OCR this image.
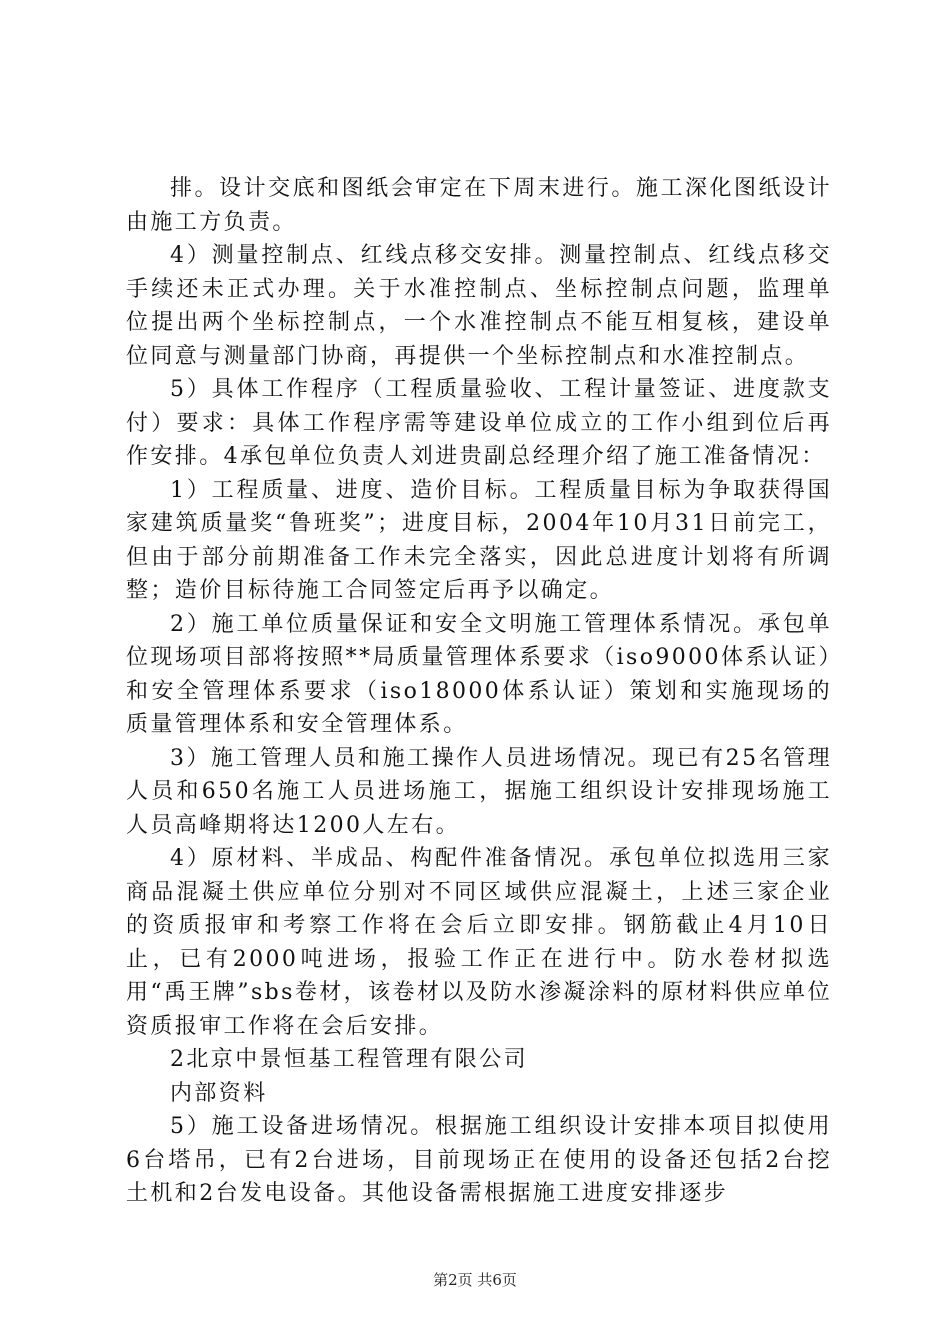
排。设计交底和图纸会审定在下周末进行。施工深化图纸设计由施工方负责。

4）测量控制点、红线点移交安排。测量控制点、红线点移交手续还未正式办理。关于水准控制点、坐标控制点问题，监理单位提出两个坐标控制点，一个水准控制点不能互相复核，建设单位同意与测量部门协商，再提供一个坐标控制点和水准控制点。

5）具体工作程序（工程质量验收、工程计量签证、进度款支付）要求：具体工作程序需等建设单位成立的工作小组到位后再作安排。4承包单位负责人刘进贵副总经理介绍了施工准备情况：

1）工程质量、进度、造价目标。工程质量目标为争取获得国家建筑质量奖“鲁班奖”；进度目标，2004年10月31日前完工，但由于部分前期准备工作未完全落实，因此总进度计划将有所调整；造价目标待施工合同签定后再予以确定。

2）施工单位质量保证和安全文明施工管理体系情况。承包单位现场项目部将按照**局质量管理体系要求（iso9000体系认证）和安全管理体系要求（iso18000体系认证）策划和实施现场的质量管理体系和安全管理体系。

3）施工管理人员和施工操作人员进场情况。现已有25名管理人员和650名施工人员进场施工，据施工组织设计安排现场施工人员高峰期将达1200人左右。

4）原材料、半成品、构配件准备情况。承包单位拟选用三家商品混凝土供应单位分别对不同区域供应混凝土，上述三家企业的资质报审和考察工作将在会后立即安排。钢筋截止4月10日止，已有2000吨进场，报验工作正在进行中。防水卷材拟选用“禹王牌”sbs卷材，该卷材以及防水渗凝涂料的原材料供应单位资质报审工作将在会后安排。

2北京中景恒基工程管理有限公司

内部资料

5）施工设备进场情况。根据施工组织设计安排本项目拟使用6台塔吊，已有2台进场，目前现场正在使用的设备还包括2台挖土机和2台发电设备。其他设备需根据施工进度安排逐步

第2页 共6页
